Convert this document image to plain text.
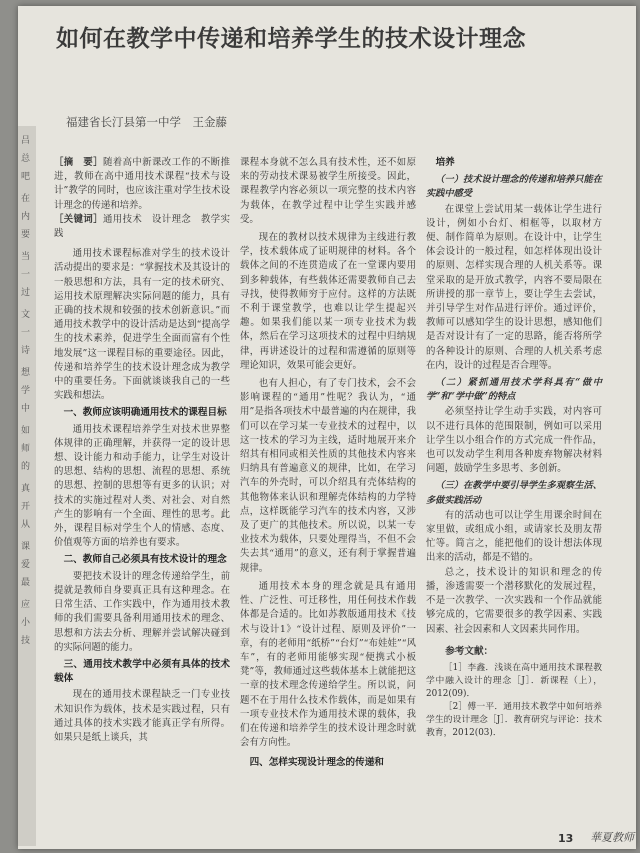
吕
总
吧
在
内
要
当
一
过
文
一
诗
想
学
中
如
师
的
真
开
从
课
爱
最
应
小
技
如何在教学中传递和培养学生的技术设计理念
福建省长汀县第一中学　王金藤

［摘　要］随着高中新课改工作的不断推进，教师在高中通用技术课程“技术与设计”教学的同时，也应该注重对学生技术设计理念的传递和培养。

［关键词］通用技术　设计理念　教学实践

通用技术课程标准对学生的技术设计活动提出的要求是：“掌握技术及其设计的一般思想和方法，具有一定的技术研究、运用技术原理解决实际问题的能力，具有正确的技术规和较强的技术创新意识。”而通用技术教学中的设计活动是达到“提高学生的技术素养，促进学生全面而富有个性地发展”这一课程目标的重要途径。因此，传递和培养学生的技术设计理念成为教学中的重要任务。下面就谈谈我自己的一些实践和想法。

一、教师应该明确通用技术的课程目标

通用技术课程培养学生对技术世界整体规律的正确理解，并获得一定的设计思想、设计能力和动手能力，让学生对设计的思想、结构的思想、流程的思想、系统的思想、控制的思想等有更多的认识；对技术的实施过程对人类、对社会、对自然产生的影响有一个全面、理性的思考。此外，课程目标对学生个人的情感、态度、价值观等方面的培养也有要求。

二、教师自己必须具有技术设计的理念

要把技术设计的理念传递给学生，前提就是教师自身要真正具有这种理念。在日常生活、工作实践中，作为通用技术教师的我们需要具备利用通用技术的理念、思想和方法去分析、理解并尝试解决碰到的实际问题的能力。

三、通用技术教学中必须有具体的技术载体

现在的通用技术课程缺乏一门专业技术知识作为载体，技术是实践过程，只有通过具体的技术实践才能真正学有所得。如果只是纸上谈兵，其

课程本身就不怎么具有技术性，还不如原来的劳动技术课易被学生所接受。因此，课程教学内容必须以一项完整的技术内容为载体，在教学过程中让学生实践并感受。

现在的教材以技术规律为主线进行教学，技术载体成了证明规律的材料。各个载体之间的不连贯造成了在一堂课内要用到多种载体，有些载体还需要教师自己去寻找，使得教师穷于应付。这样的方法既不利于课堂教学，也难以让学生提起兴趣。如果我们能以某一项专业技术为载体，然后在学习这项技术的过程中归纳规律，再讲述设计的过程和需遵循的原则等理论知识，效果可能会更好。

也有人担心，有了专门技术，会不会影响课程的“通用”性呢？我认为，“通用”是指各项技术中最普遍的内在规律，我们可以在学习某一专业技术的过程中，以这一技术的学习为主线，适时地展开来介绍其有相同或相关性质的其他技术内容来归纳具有普遍意义的规律，比如，在学习汽车的外壳时，可以介绍具有壳体结构的其他物体来认识和理解壳体结构的力学特点，这样既能学习汽车的技术内容，又涉及了更广的其他技术。所以说，以某一专业技术为载体，只要处理得当，不但不会失去其“通用”的意义，还有利于掌握普遍规律。

通用技术本身的理念就是具有通用性、广泛性、可迁移性，用任何技术作载体都是合适的。比如苏教版通用技术《技术与设计1》“设计过程、原则及评价”一章，有的老师用“纸桥”“台灯”“布娃娃”“风车”，有的老师用能够实现“便携式小板凳”等，教师通过这些载体基本上就能把这一章的技术理念传递给学生。所以说，问题不在于用什么技术作载体，而是如果有一项专业技术作为通用技术课的载体，我们在传递和培养学生的技术设计理念时就会有方向性。

四、怎样实现设计理念的传递和
培养
（一）技术设计理念的传递和培养只能在实践中感受

在课堂上尝试用某一载体让学生进行设计，例如小台灯、相框等，以取材方便、制作简单为原则。在设计中，让学生体会设计的一般过程，如怎样体现出设计的原则、怎样实现合理的人机关系等。课堂采取的是开放式教学，内容不要局限在所讲授的那一章节上，要让学生去尝试，并引导学生对作品进行评价。通过评价，教师可以感知学生的设计思想，感知他们是否对设计有了一定的思路，能否将所学的各种设计的原则、合理的人机关系考虑在内，设计的过程是否合理等。

（二）紧抓通用技术学科具有“做中学”和“学中做”的特点

必须坚持让学生动手实践，对内容可以不进行具体的范围限制，例如可以采用让学生以小组合作的方式完成一件作品，也可以发动学生利用各种废弃物解决材料问题，鼓励学生多思考、多创新。

（三）在教学中要引导学生多观察生活、多做实践活动

有的活动也可以让学生用课余时间在家里做，或组成小组，或请家长及朋友帮忙等。简言之，能把他们的设计想法体现出来的活动，都是不错的。

总之，技术设计的知识和理念的传播，渗透需要一个潜移默化的发展过程，不是一次教学、一次实践和一个作品就能够完成的，它需要很多的教学因素、实践因素、社会因素和人文因素共同作用。

参考文献：

［1］李鑫．浅谈在高中通用技术课程教学中融入设计的理念［J］．新课程（上），2012(09)．

［2］傅一平．通用技术教学中如何培养学生的设计理念［J］．教育研究与评论：技术教育，2012(03)．

13 華夏教师
